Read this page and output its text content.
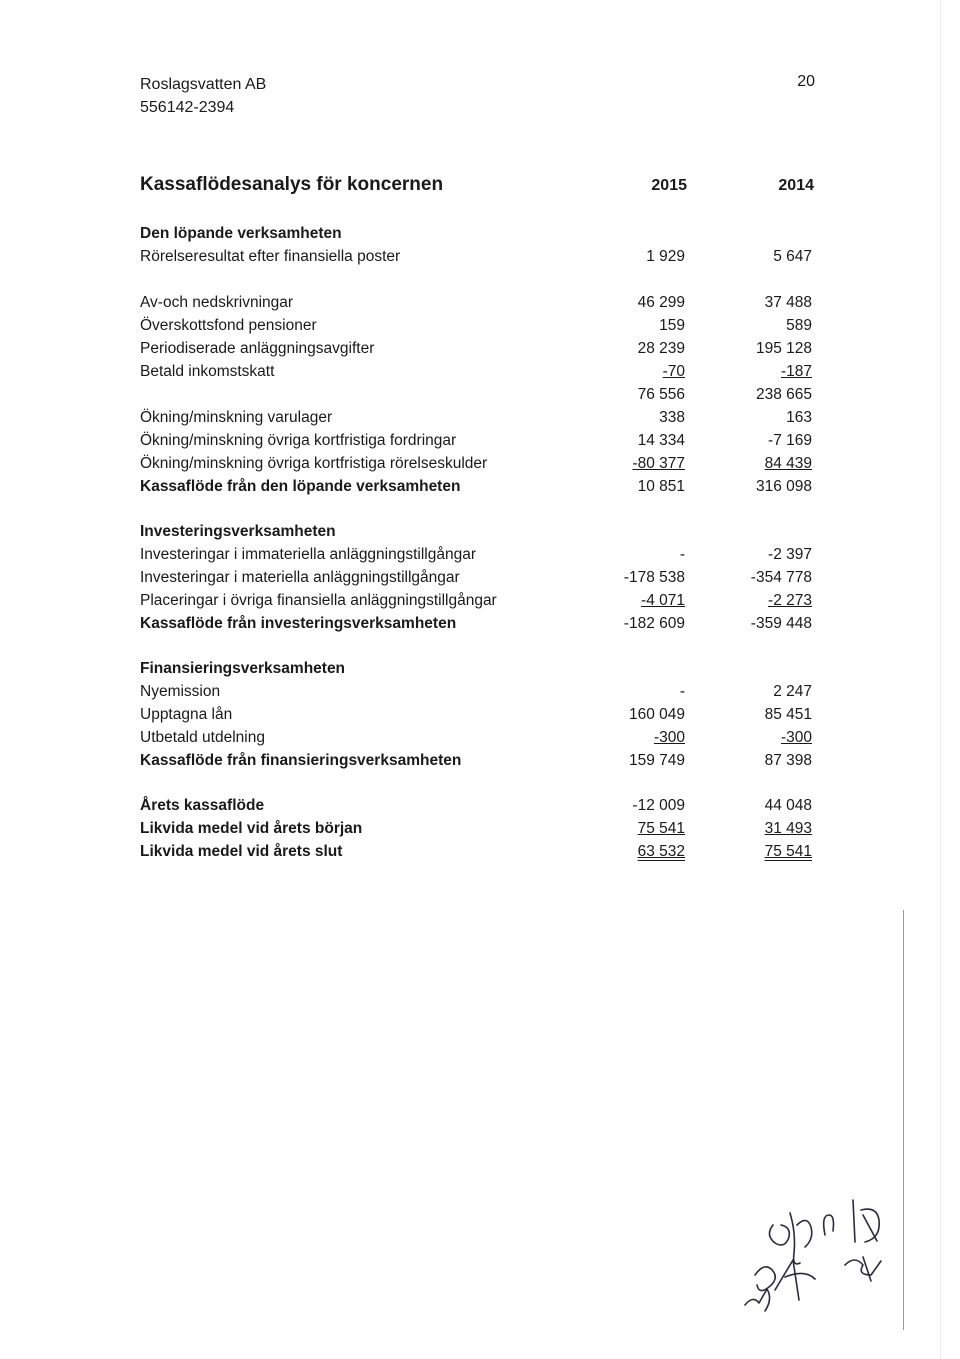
Roslagsvatten AB
556142-2394
20
Kassaflödesanalys för koncernen	2015	2014
Den löpande verksamheten
Rörelseresultat efter finansiella poster	1 929	5 647
Av-och nedskrivningar	46 299	37 488
Överskottsfond pensioner	159	589
Periodiserade anläggningsavgifter	28 239	195 128
Betald inkomstskatt	-70	-187
76 556	238 665
Ökning/minskning varulager	338	163
Ökning/minskning övriga kortfristiga fordringar	14 334	-7 169
Ökning/minskning övriga kortfristiga rörelseskulder	-80 377	84 439
Kassaflöde från den löpande verksamheten	10 851	316 098
Investeringsverksamheten
Investeringar i immateriella anläggningstillgångar	-	-2 397
Investeringar i materiella anläggningstillgångar	-178 538	-354 778
Placeringar i övriga finansiella anläggningstillgångar	-4 071	-2 273
Kassaflöde från investeringsverksamheten	-182 609	-359 448
Finansieringsverksamheten
Nyemission	-	2 247
Upptagna lån	160 049	85 451
Utbetald utdelning	-300	-300
Kassaflöde från finansieringsverksamheten	159 749	87 398
Årets kassaflöde	-12 009	44 048
Likvida medel vid årets början	75 541	31 493
Likvida medel vid årets slut	63 532	75 541
